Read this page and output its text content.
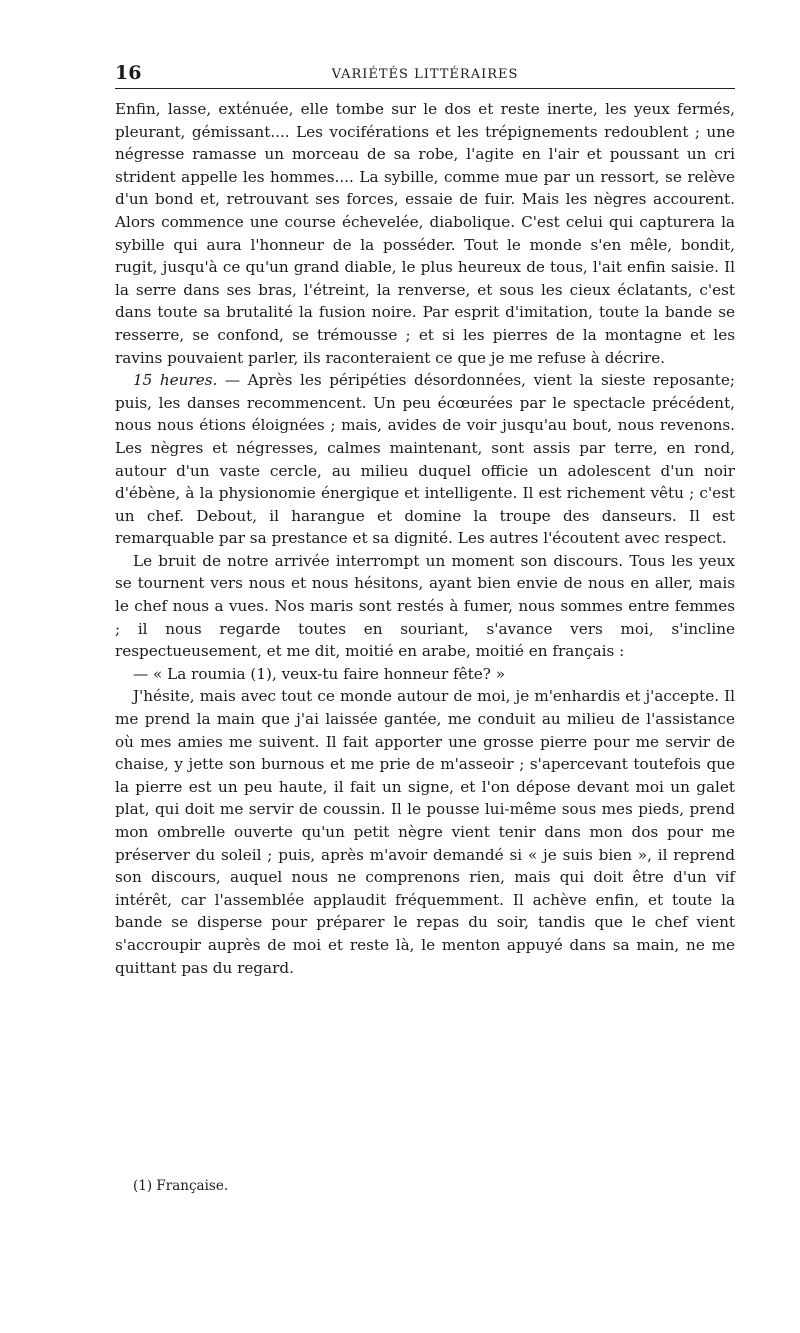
16	VARIÉTÉS LITTÉRAIRES

Enfin, lasse, exténuée, elle tombe sur le dos et reste inerte, les yeux fermés, pleurant, gémissant.... Les vociférations et les trépignements redoublent ; une négresse ramasse un morceau de sa robe, l'agite en l'air et poussant un cri strident appelle les hommes.... La sybille, comme mue par un ressort, se relève d'un bond et, retrouvant ses forces, essaie de fuir. Mais les nègres accourent. Alors commence une course échevelée, diabolique. C'est celui qui capturera la sybille qui aura l'honneur de la posséder. Tout le monde s'en mêle, bondit, rugit, jusqu'à ce qu'un grand diable, le plus heureux de tous, l'ait enfin saisie. Il la serre dans ses bras, l'étreint, la renverse, et sous les cieux éclatants, c'est dans toute sa brutalité la fusion noire. Par esprit d'imitation, toute la bande se resserre, se confond, se trémousse ; et si les pierres de la montagne et les ravins pouvaient parler, ils raconteraient ce que je me refuse à décrire.

15 heures. — Après les péripéties désordonnées, vient la sieste reposante; puis, les danses recommencent. Un peu écœurées par le spectacle précédent, nous nous étions éloignées ; mais, avides de voir jusqu'au bout, nous revenons. Les nègres et négresses, calmes maintenant, sont assis par terre, en rond, autour d'un vaste cercle, au milieu duquel officie un adolescent d'un noir d'ébène, à la physionomie énergique et intelligente. Il est richement vêtu ; c'est un chef. Debout, il harangue et domine la troupe des danseurs. Il est remarquable par sa prestance et sa dignité. Les autres l'écoutent avec respect.

Le bruit de notre arrivée interrompt un moment son discours. Tous les yeux se tournent vers nous et nous hésitons, ayant bien envie de nous en aller, mais le chef nous a vues. Nos maris sont restés à fumer, nous sommes entre femmes ; il nous regarde toutes en souriant, s'avance vers moi, s'incline respectueusement, et me dit, moitié en arabe, moitié en français :

— « La roumia (1), veux-tu faire honneur fête? »

J'hésite, mais avec tout ce monde autour de moi, je m'enhardis et j'accepte. Il me prend la main que j'ai laissée gantée, me conduit au milieu de l'assistance où mes amies me suivent. Il fait apporter une grosse pierre pour me servir de chaise, y jette son burnous et me prie de m'asseoir ; s'apercevant toutefois que la pierre est un peu haute, il fait un signe, et l'on dépose devant moi un galet plat, qui doit me servir de coussin. Il le pousse lui-même sous mes pieds, prend mon ombrelle ouverte qu'un petit nègre vient tenir dans mon dos pour me préserver du soleil ; puis, après m'avoir demandé si « je suis bien », il reprend son discours, auquel nous ne comprenons rien, mais qui doit être d'un vif intérêt, car l'assemblée applaudit fréquemment. Il achève enfin, et toute la bande se disperse pour préparer le repas du soir, tandis que le chef vient s'accroupir auprès de moi et reste là, le menton appuyé dans sa main, ne me quittant pas du regard.

(1) Française.
